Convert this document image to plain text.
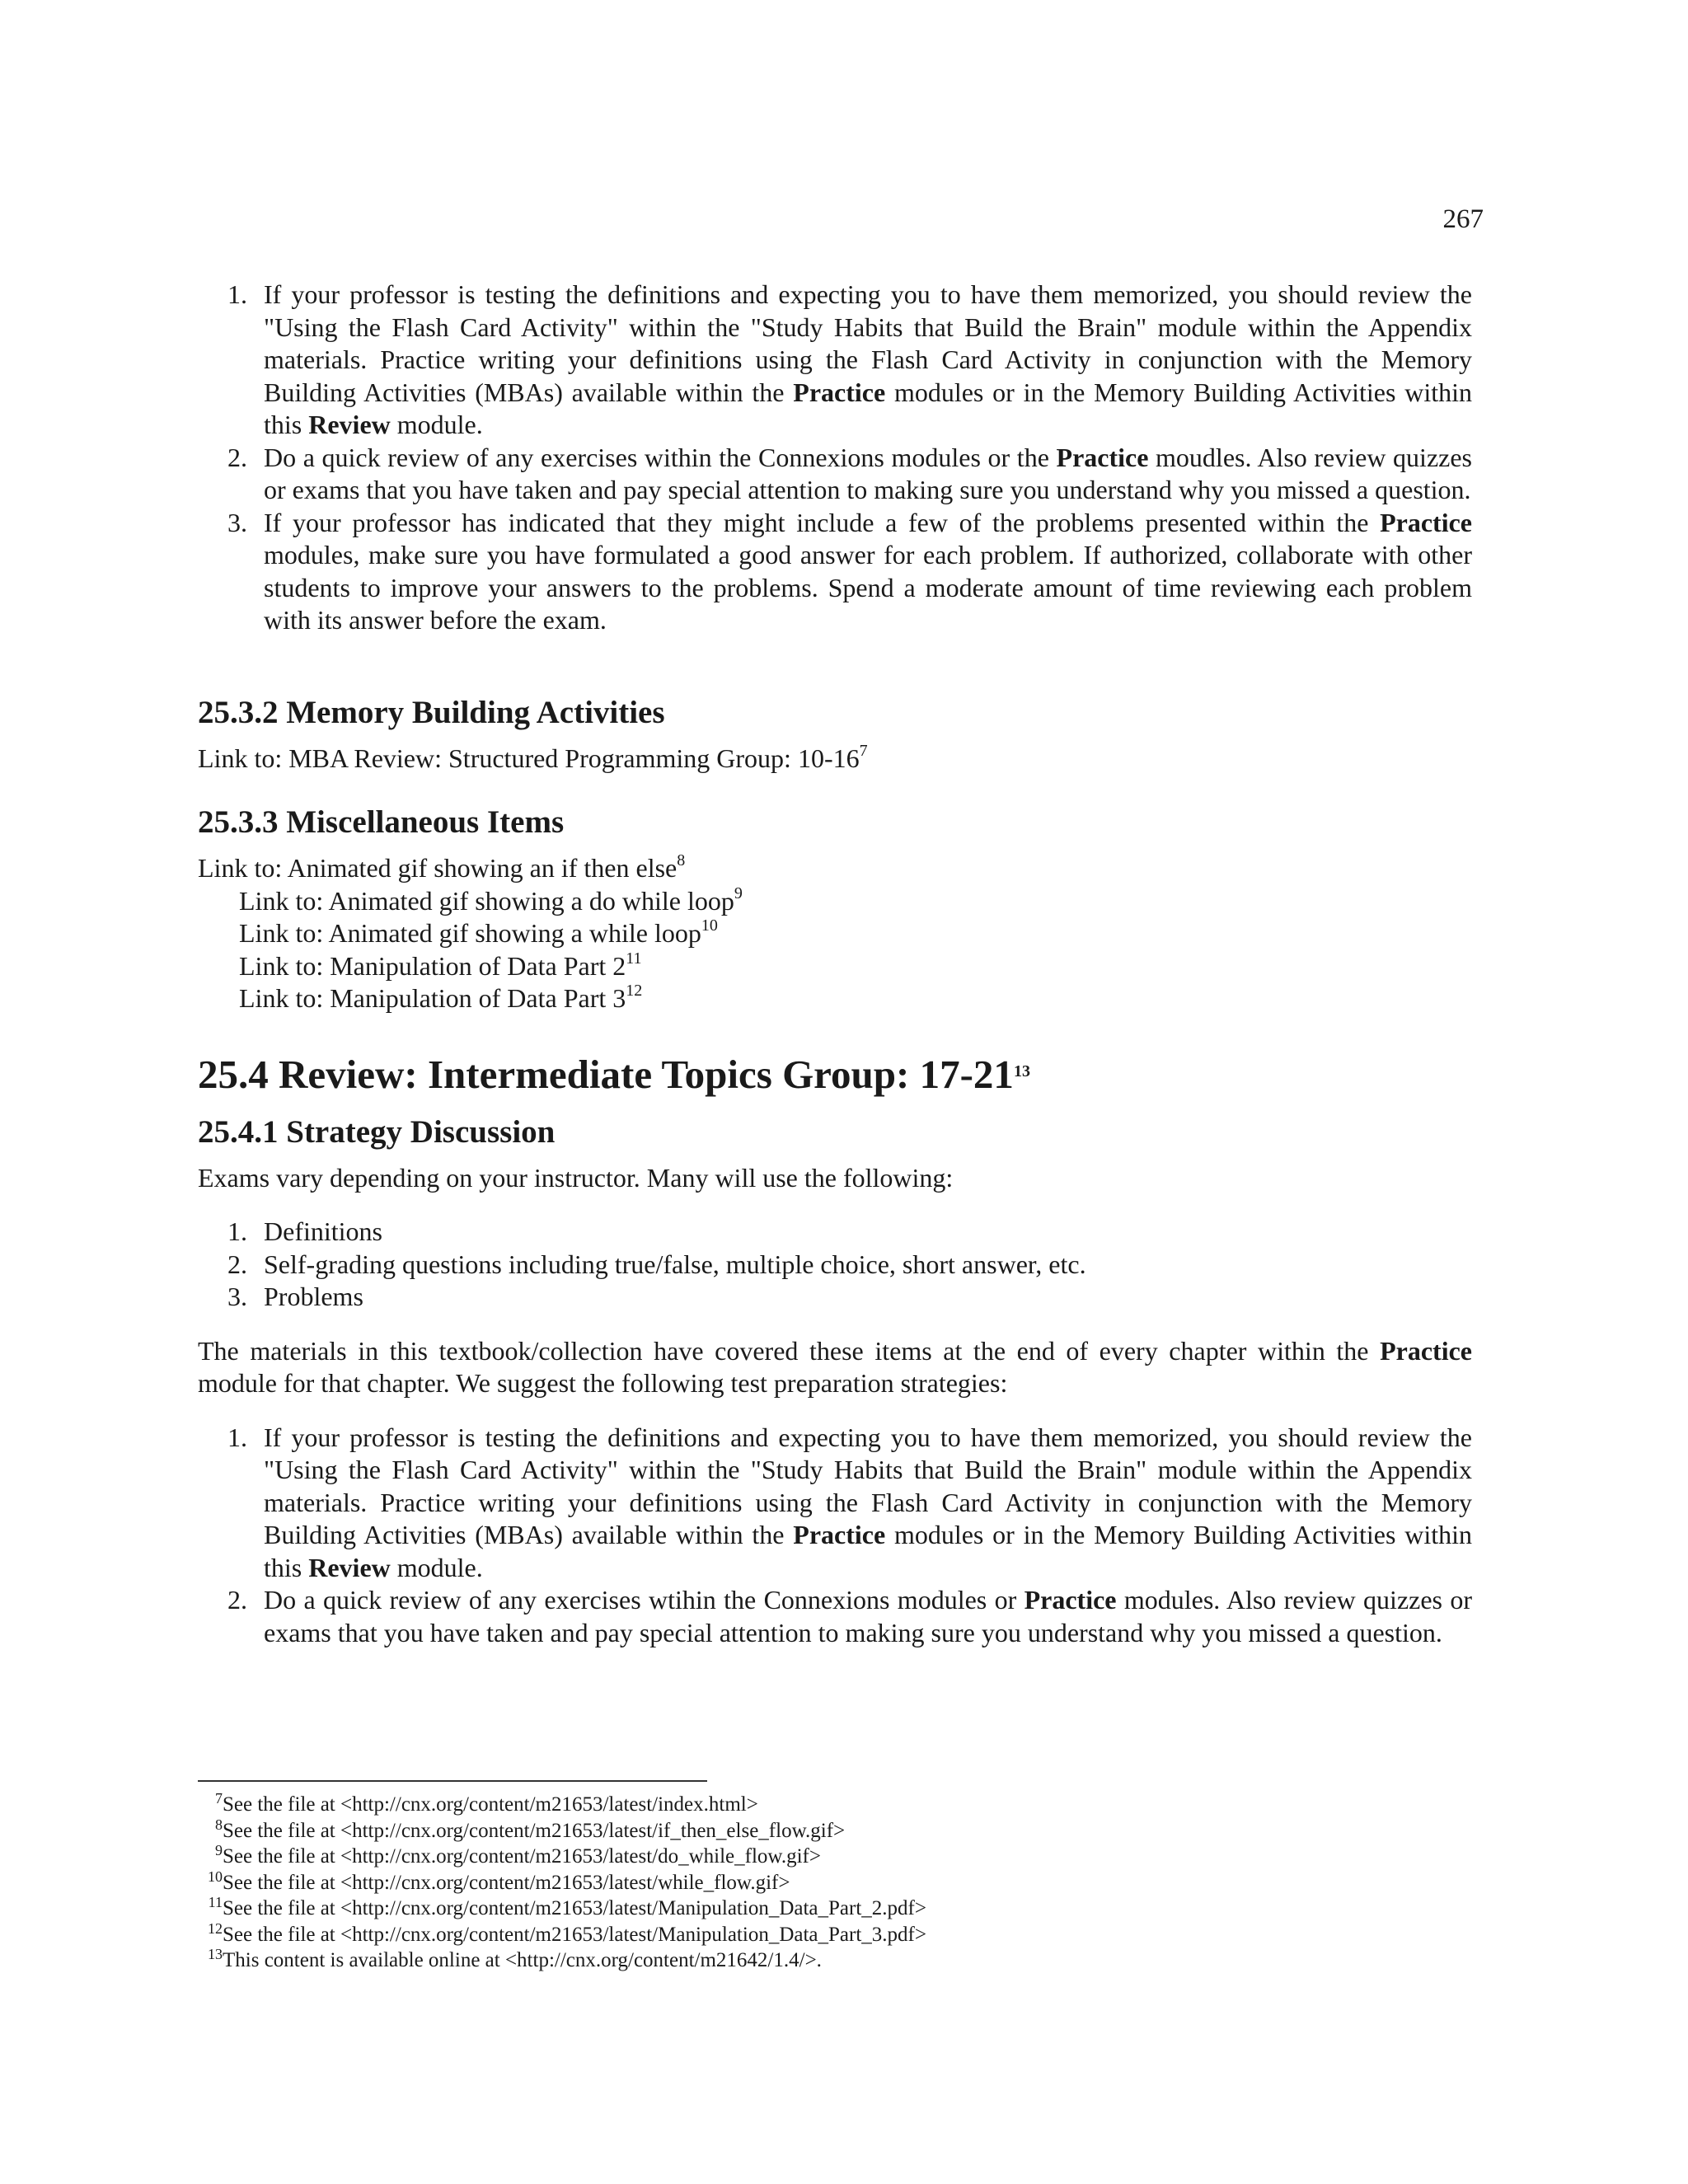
267
1. If your professor is testing the definitions and expecting you to have them memorized, you should review the "Using the Flash Card Activity" within the "Study Habits that Build the Brain" module within the Appendix materials. Practice writing your definitions using the Flash Card Activity in conjunction with the Memory Building Activities (MBAs) available within the Practice modules or in the Memory Building Activities within this Review module.
2. Do a quick review of any exercises within the Connexions modules or the Practice moudles. Also review quizzes or exams that you have taken and pay special attention to making sure you understand why you missed a question.
3. If your professor has indicated that they might include a few of the problems presented within the Practice modules, make sure you have formulated a good answer for each problem. If authorized, collaborate with other students to improve your answers to the problems. Spend a moderate amount of time reviewing each problem with its answer before the exam.
25.3.2 Memory Building Activities
Link to: MBA Review: Structured Programming Group: $10-16^7$
25.3.3 Miscellaneous Items
Link to: Animated gif showing an if then else$^8$
Link to: Animated gif showing a do while loop$^9$
Link to: Animated gif showing a while loop$^{10}$
Link to: Manipulation of Data Part $2^{11}$
Link to: Manipulation of Data Part $3^{12}$
25.4 Review: Intermediate Topics Group: $17-21^{13}$
25.4.1 Strategy Discussion
Exams vary depending on your instructor. Many will use the following:
1. Definitions
2. Self-grading questions including true/false, multiple choice, short answer, etc.
3. Problems
The materials in this textbook/collection have covered these items at the end of every chapter within the Practice module for that chapter. We suggest the following test preparation strategies:
1. If your professor is testing the definitions and expecting you to have them memorized, you should review the "Using the Flash Card Activity" within the "Study Habits that Build the Brain" module within the Appendix materials. Practice writing your definitions using the Flash Card Activity in conjunction with the Memory Building Activities (MBAs) available within the Practice modules or in the Memory Building Activities within this Review module.
2. Do a quick review of any exercises wtihin the Connexions modules or Practice modules. Also review quizzes or exams that you have taken and pay special attention to making sure you understand why you missed a question.
7 See the file at <http://cnx.org/content/m21653/latest/index.html>
8 See the file at <http://cnx.org/content/m21653/latest/if_then_else_flow.gif>
9 See the file at <http://cnx.org/content/m21653/latest/do_while_flow.gif>
10 See the file at <http://cnx.org/content/m21653/latest/while_flow.gif>
11 See the file at <http://cnx.org/content/m21653/latest/Manipulation_Data_Part_2.pdf>
12 See the file at <http://cnx.org/content/m21653/latest/Manipulation_Data_Part_3.pdf>
13 This content is available online at <http://cnx.org/content/m21642/1.4/>.
